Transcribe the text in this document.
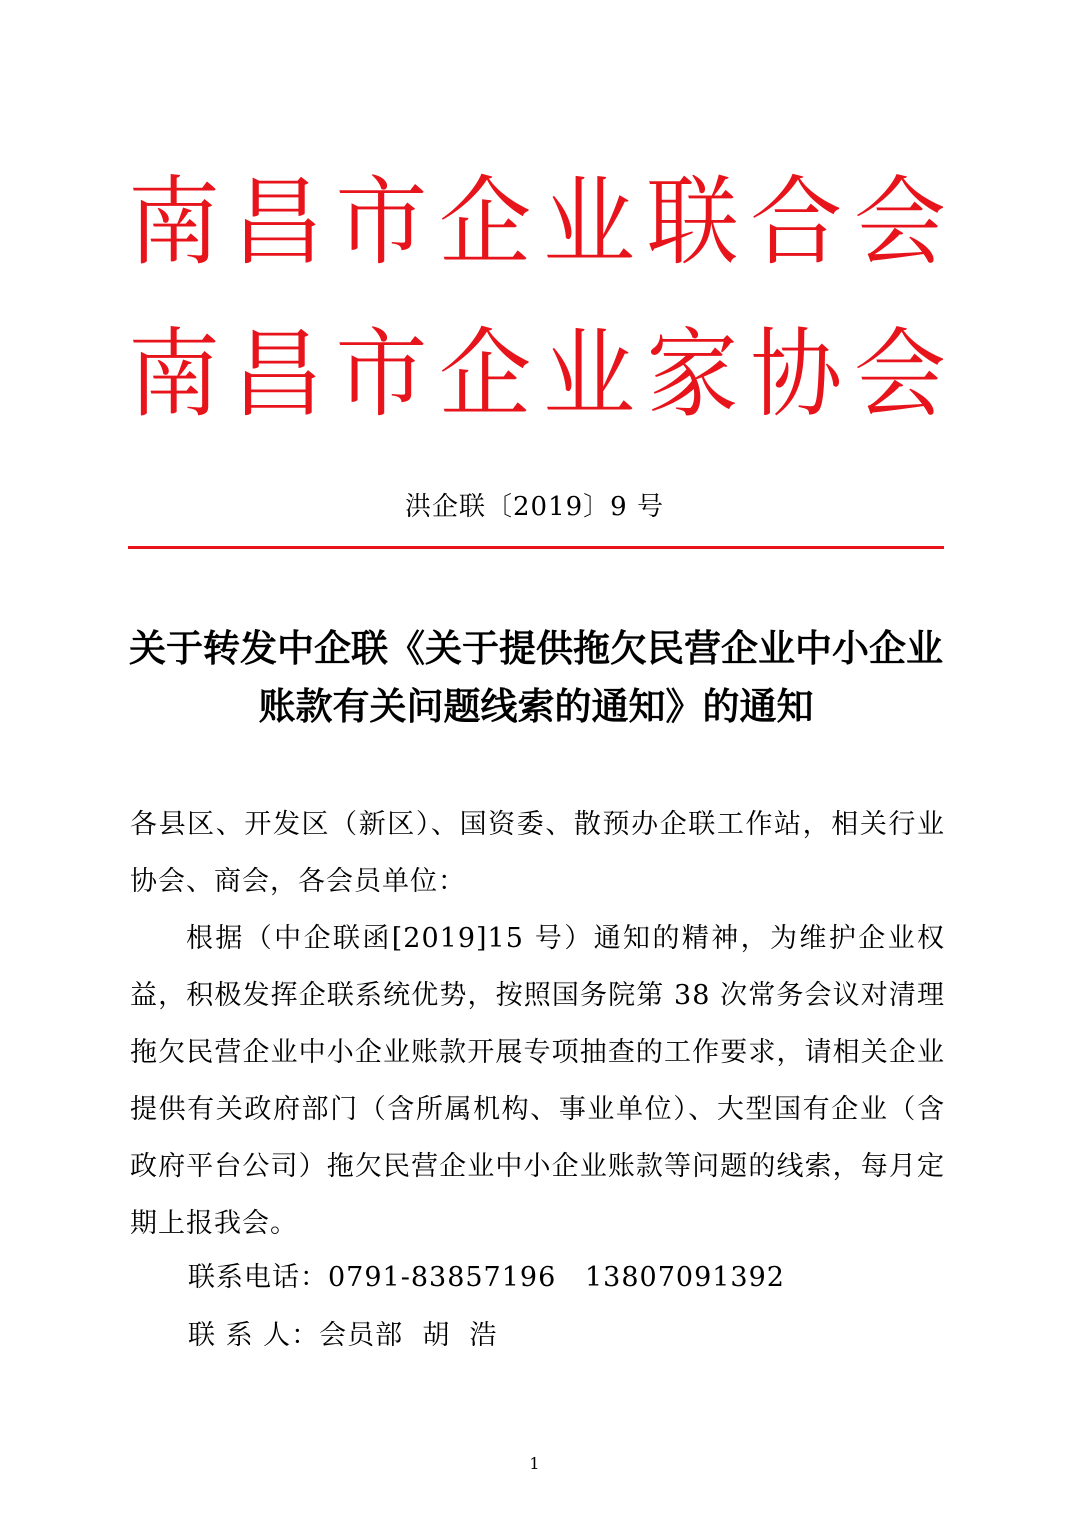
南 昌 市 企 业 联 合 会
南 昌 市 企 业 家 协 会
洪企联〔2019〕9 号
关于转发中企联《关于提供拖欠民营企业中小企业账款有关问题线索的通知》的通知
各县区、开发区（新区）、国资委、散预办企联工作站，相关行业协会、商会，各会员单位：
根据（中企联函[2019]15 号）通知的精神，为维护企业权益，积极发挥企联系统优势，按照国务院第 38 次常务会议对清理拖欠民营企业中小企业账款开展专项抽查的工作要求，请相关企业提供有关政府部门（含所属机构、事业单位）、大型国有企业（含政府平台公司）拖欠民营企业中小企业账款等问题的线索，每月定期上报我会。
联系电话：0791-83857196   13807091392
联 系 人：会员部  胡  浩
1
